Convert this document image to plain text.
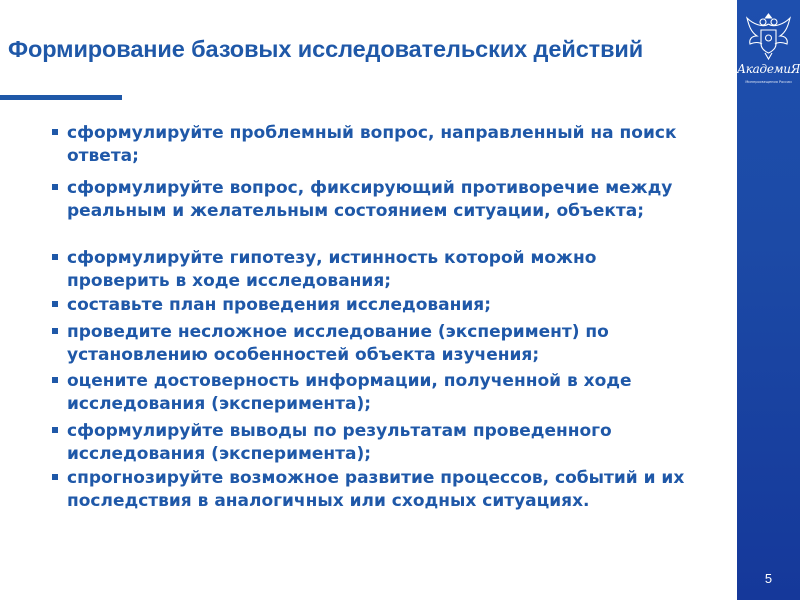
Формирование базовых исследовательских действий
АкадемиЯ
Минпросвещения России
сформулируйте проблемный вопрос, направленный на поиск ответа;
сформулируйте вопрос, фиксирующий противоречие между реальным и желательным состоянием ситуации, объекта;
сформулируйте гипотезу, истинность которой можно проверить в ходе исследования;
составьте план проведения исследования;
проведите несложное исследование (эксперимент) по установлению особенностей объекта изучения;
оцените достоверность информации, полученной в ходе исследования (эксперимента);
сформулируйте выводы по результатам проведенного исследования (эксперимента);
спрогнозируйте возможное развитие процессов, событий и их последствия в аналогичных или сходных ситуациях.
5
